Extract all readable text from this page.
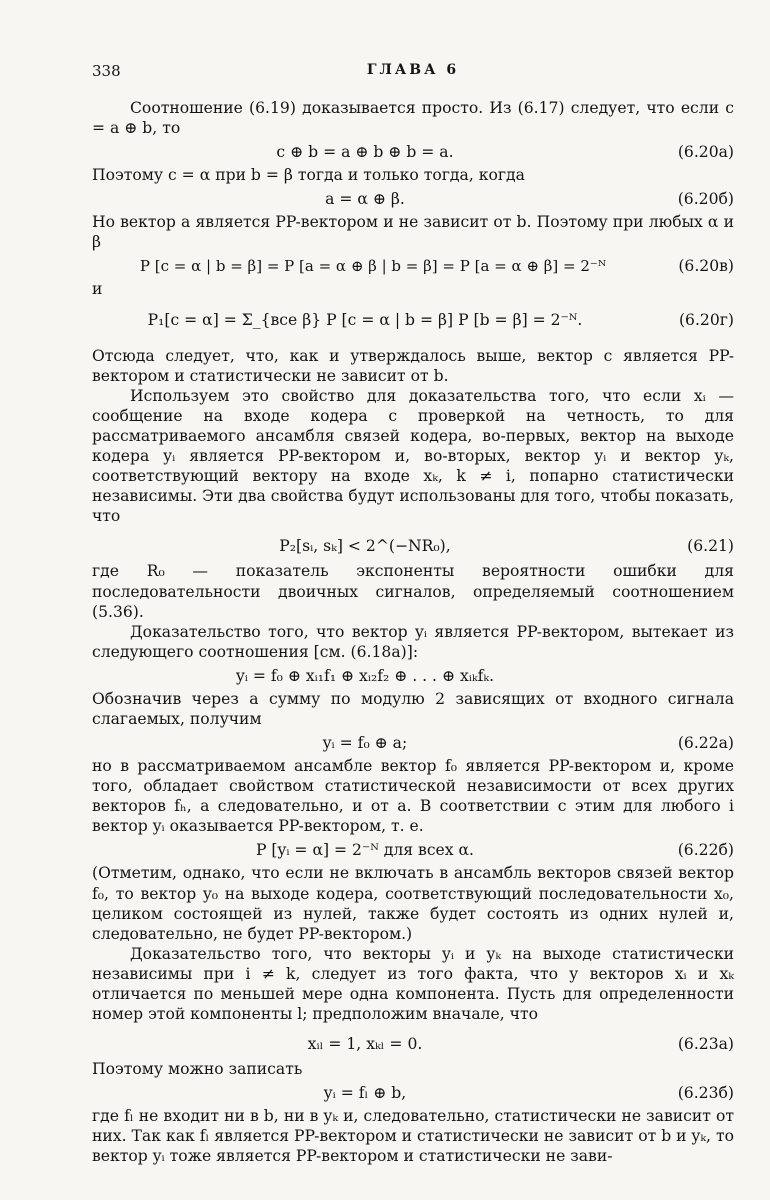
338	ГЛАВА 6

Соотношение (6.19) доказывается просто. Из (6.17) следует, что если c = a ⊕ b, то

c ⊕ b = a ⊕ b ⊕ b = a.	(6.20а)

Поэтому c = α при b = β тогда и только тогда, когда

a = α ⊕ β.	(6.20б)

Но вектор a является PP-вектором и не зависит от b. Поэтому при любых α и β

P [c = α | b = β] = P [a = α ⊕ β | b = β] = P [a = α ⊕ β] = 2⁻ᴺ	(6.20в)

и

P₁[c = α] = Σ_{все β} P [c = α | b = β] P [b = β] = 2⁻ᴺ.	(6.20г)

Отсюда следует, что, как и утверждалось выше, вектор c является PP-вектором и статистически не зависит от b.

Используем это свойство для доказательства того, что если xᵢ — сообщение на входе кодера с проверкой на четность, то для рассматриваемого ансамбля связей кодера, во-первых, вектор на выходе кодера yᵢ является PP-вектором и, во-вторых, вектор yᵢ и вектор yₖ, соответствующий вектору на входе xₖ, k ≠ i, попарно статистически независимы. Эти два свойства будут использованы для того, чтобы показать, что

P₂[sᵢ, sₖ] < 2^(−NR₀),	(6.21)

где R₀ — показатель экспоненты вероятности ошибки для последовательности двоичных сигналов, определяемый соотношением (5.36).

Доказательство того, что вектор yᵢ является PP-вектором, вытекает из следующего соотношения [см. (6.18а)]:

yᵢ = f₀ ⊕ xᵢ₁f₁ ⊕ xᵢ₂f₂ ⊕ . . . ⊕ xᵢₖfₖ.

Обозначив через a сумму по модулю 2 зависящих от входного сигнала слагаемых, получим

yᵢ = f₀ ⊕ a;	(6.22а)

но в рассматриваемом ансамбле вектор f₀ является PP-вектором и, кроме того, обладает свойством статистической независимости от всех других векторов fₕ, а следовательно, и от a. В соответствии с этим для любого i вектор yᵢ оказывается PP-вектором, т. е.

P [yᵢ = α] = 2⁻ᴺ для всех α.	(6.22б)

(Отметим, однако, что если не включать в ансамбль векторов связей вектор f₀, то вектор y₀ на выходе кодера, соответствующий последовательности x₀, целиком состоящей из нулей, также будет состоять из одних нулей и, следовательно, не будет PP-вектором.)

Доказательство того, что векторы yᵢ и yₖ на выходе статистически независимы при i ≠ k, следует из того факта, что у векторов xᵢ и xₖ отличается по меньшей мере одна компонента. Пусть для определенности номер этой компоненты l; предположим вначале, что

xᵢₗ = 1, xₖₗ = 0.	(6.23а)

Поэтому можно записать

yᵢ = fₗ ⊕ b,	(6.23б)

где fₗ не входит ни в b, ни в yₖ и, следовательно, статистически не зависит от них. Так как fₗ является PP-вектором и статистически не зависит от b и yₖ, то вектор yᵢ тоже является PP-вектором и статистически не зави-
